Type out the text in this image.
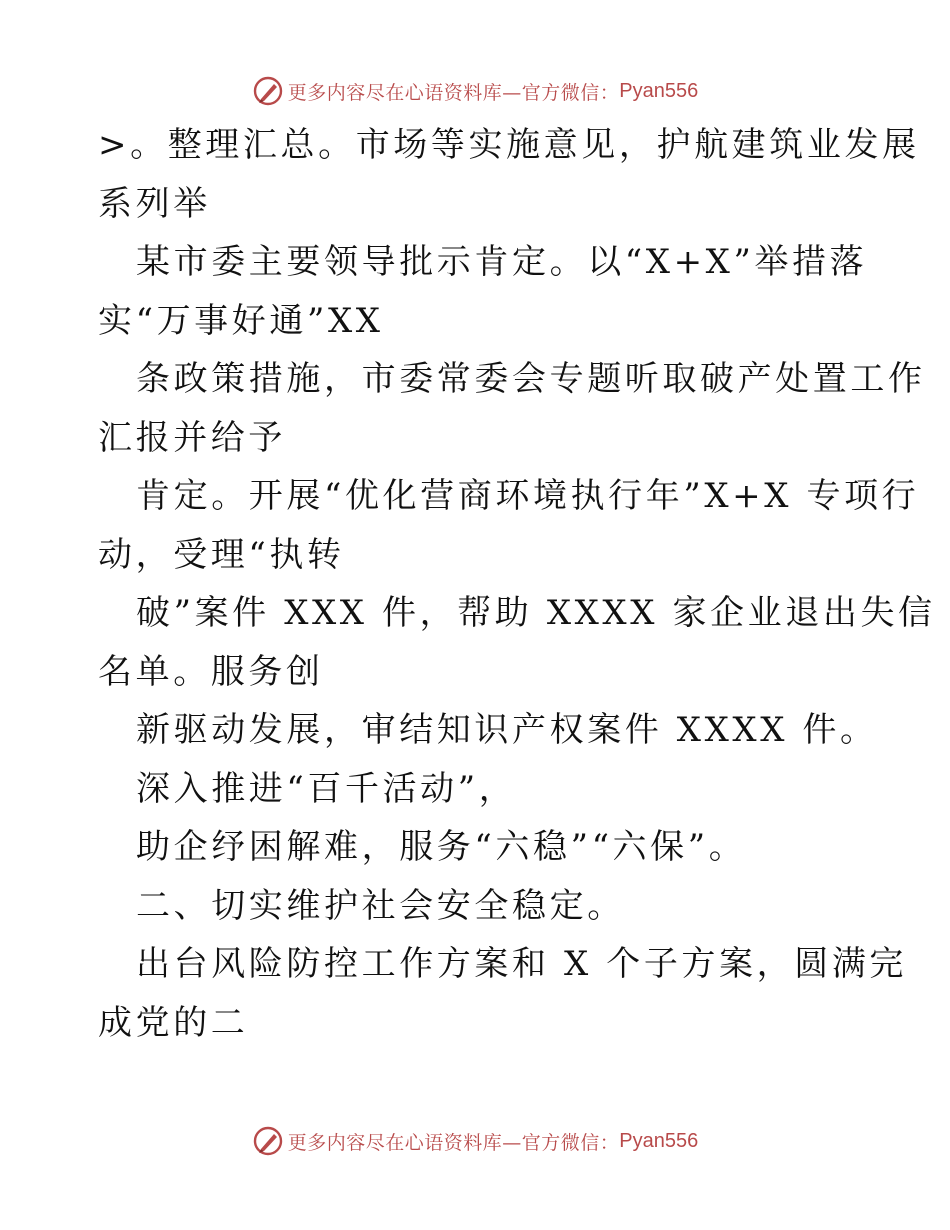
更多内容尽在心语资料库—官方微信： Pyan556
>。整理汇总。市场等实施意见，护航建筑业发展
系列举
某市委主要领导批示肯定。以“X+X”举措落
实“万事好通”XX
条政策措施，市委常委会专题听取破产处置工作
汇报并给予
肯定。开展“优化营商环境执行年”X+X 专项行
动，受理“执转
破”案件 XXX 件，帮助 XXXX 家企业退出失信
名单。服务创
新驱动发展，审结知识产权案件 XXXX 件。
深入推进“百千活动”，
助企纾困解难，服务“六稳”“六保”。
二、切实维护社会安全稳定。
出台风险防控工作方案和 X 个子方案，圆满完
成党的二
更多内容尽在心语资料库—官方微信： Pyan556
